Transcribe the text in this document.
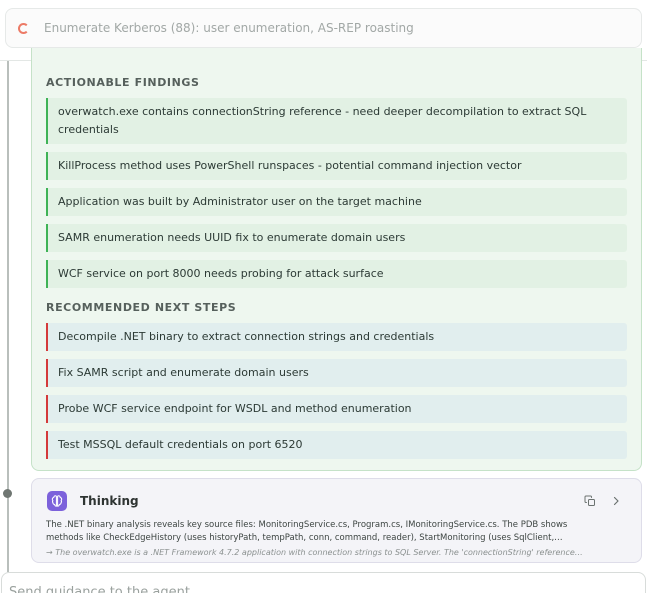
Enumerate Kerberos (88): user enumeration, AS-REP roasting
ACTIONABLE FINDINGS
overwatch.exe contains connectionString reference - need deeper decompilation to extract SQL credentials
KillProcess method uses PowerShell runspaces - potential command injection vector
Application was built by Administrator user on the target machine
SAMR enumeration needs UUID fix to enumerate domain users
WCF service on port 8000 needs probing for attack surface
RECOMMENDED NEXT STEPS
Decompile .NET binary to extract connection strings and credentials
Fix SAMR script and enumerate domain users
Probe WCF service endpoint for WSDL and method enumeration
Test MSSQL default credentials on port 6520
Thinking
The .NET binary analysis reveals key source files: MonitoringService.cs, Program.cs, IMonitoringService.cs. The PDB shows
methods like CheckEdgeHistory (uses historyPath, tempPath, conn, command, reader), StartMonitoring (uses SqlClient,…
→ The overwatch.exe is a .NET Framework 4.7.2 application with connection strings to SQL Server. The 'connectionString' reference…
Send guidance to the agent...
